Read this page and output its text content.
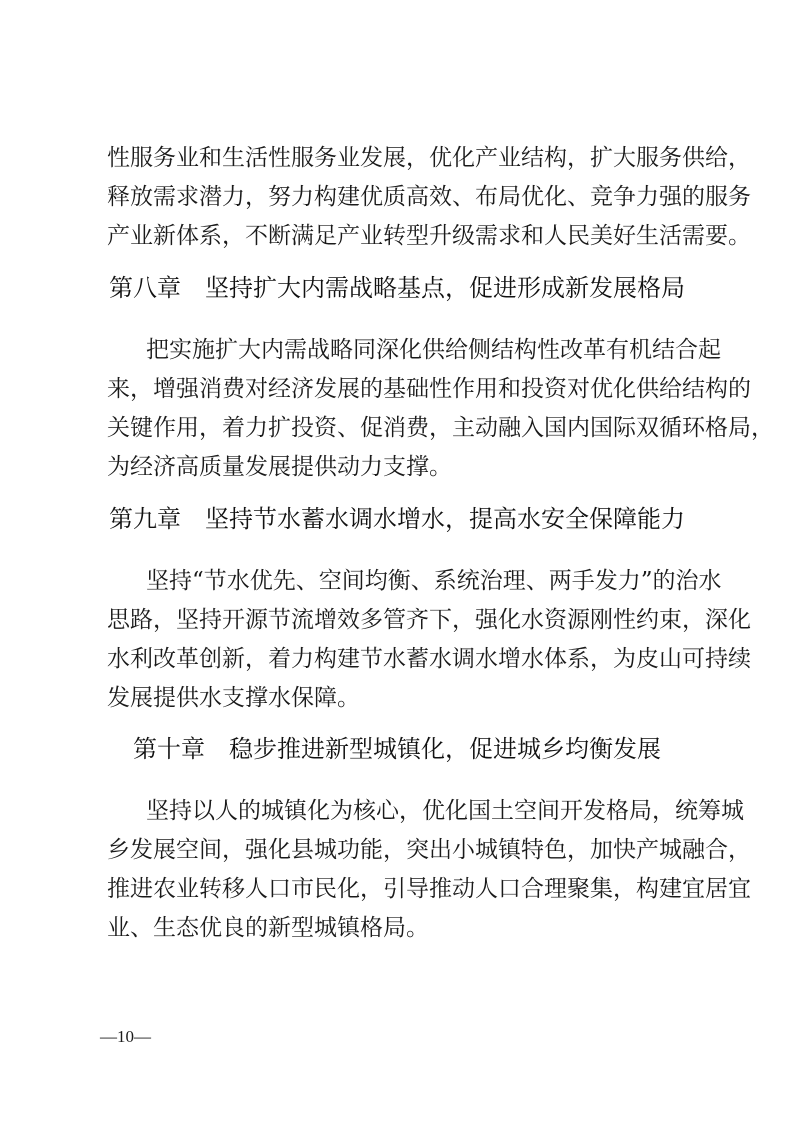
性服务业和生活性服务业发展，优化产业结构，扩大服务供给，
释放需求潜力，努力构建优质高效、布局优化、竞争力强的服务
产业新体系，不断满足产业转型升级需求和人民美好生活需要。
第八章　坚持扩大内需战略基点，促进形成新发展格局
把实施扩大内需战略同深化供给侧结构性改革有机结合起
来，增强消费对经济发展的基础性作用和投资对优化供给结构的
关键作用，着力扩投资、促消费，主动融入国内国际双循环格局，
为经济高质量发展提供动力支撑。
第九章　坚持节水蓄水调水增水，提高水安全保障能力
坚持“节水优先、空间均衡、系统治理、两手发力”的治水
思路，坚持开源节流增效多管齐下，强化水资源刚性约束，深化
水利改革创新，着力构建节水蓄水调水增水体系，为皮山可持续
发展提供水支撑水保障。
第十章　稳步推进新型城镇化，促进城乡均衡发展
坚持以人的城镇化为核心，优化国土空间开发格局，统筹城
乡发展空间，强化县城功能，突出小城镇特色，加快产城融合，
推进农业转移人口市民化，引导推动人口合理聚集，构建宜居宜
业、生态优良的新型城镇格局。
—10—
